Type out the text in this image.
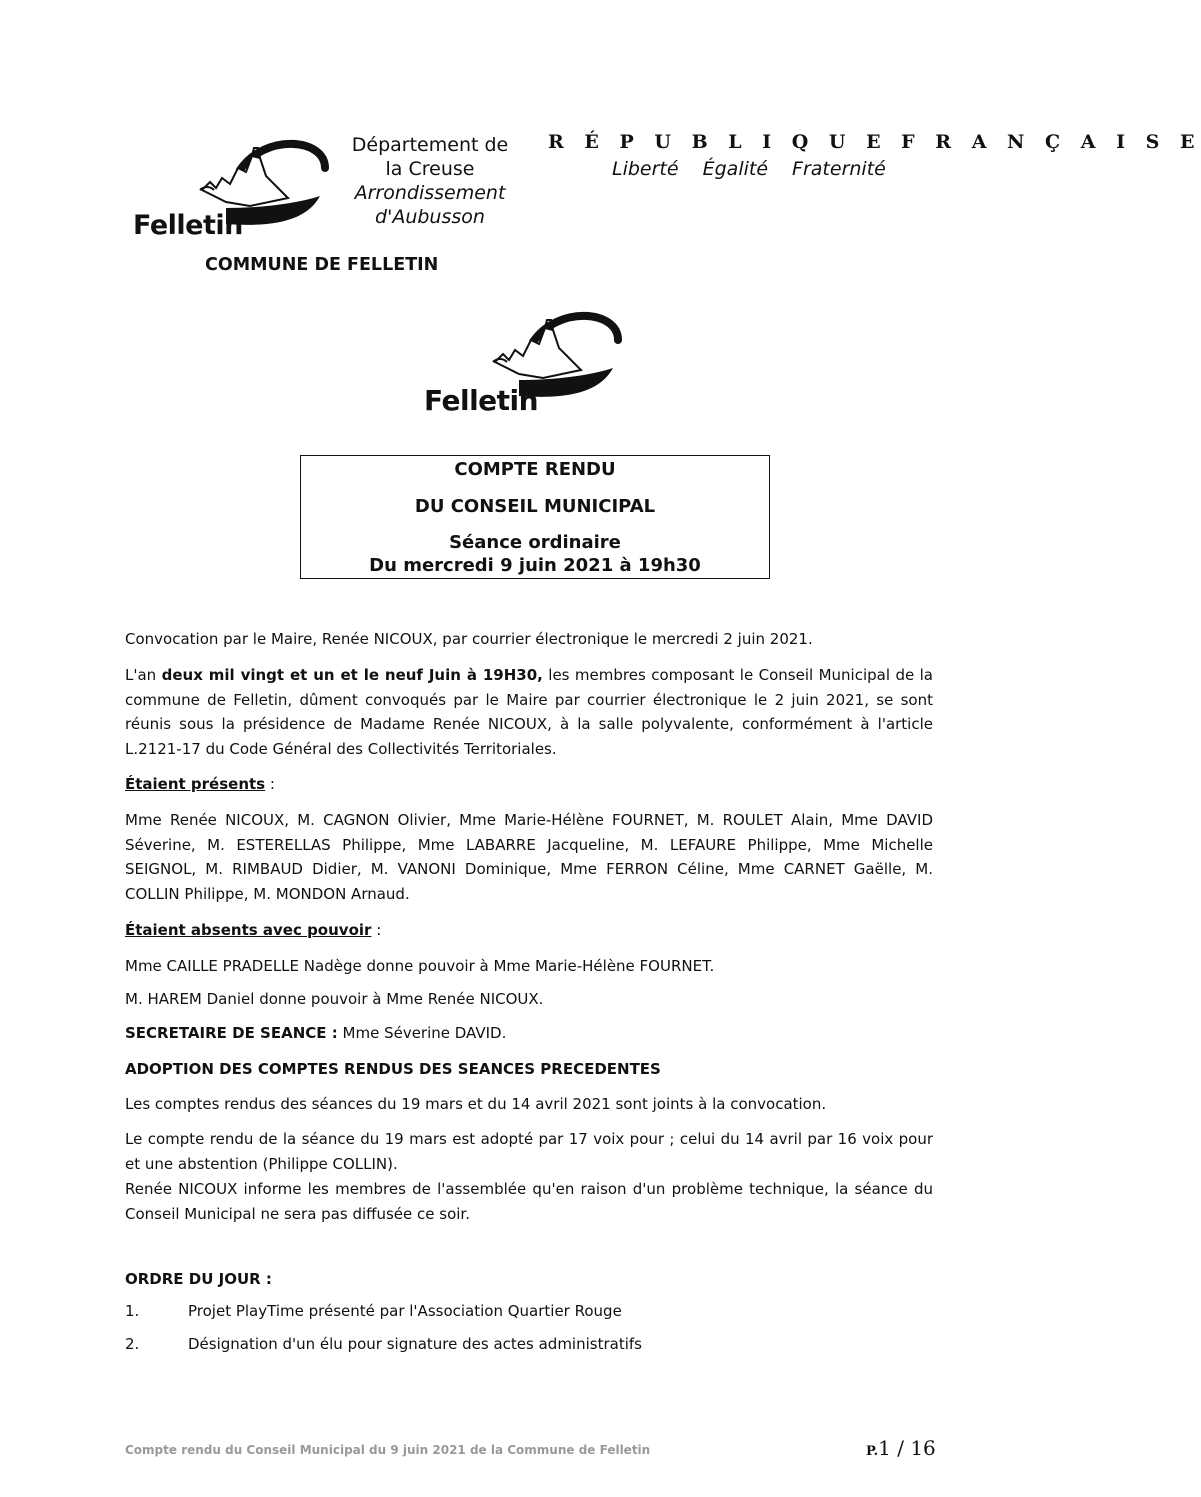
Felletin
Département de
la Creuse
Arrondissement
d'Aubusson
R É P U B L I Q U E F R A N Ç A I S E
Liberté Égalité Fraternité
COMMUNE DE FELLETIN
Felletin
COMPTE RENDU
DU CONSEIL MUNICIPAL
Séance ordinaire
Du mercredi 9 juin 2021 à 19h30
Convocation par le Maire, Renée NICOUX, par courrier électronique le mercredi 2 juin 2021.
L'an deux mil vingt et un et le neuf Juin à 19H30, les membres composant le Conseil Municipal de la commune de Felletin, dûment convoqués par le Maire par courrier électronique le 2 juin 2021, se sont réunis sous la présidence de Madame Renée NICOUX, à la salle polyvalente, conformément à l'article L.2121-17 du Code Général des Collectivités Territoriales.
Étaient présents :
Mme Renée NICOUX, M. CAGNON Olivier, Mme Marie-Hélène FOURNET, M. ROULET Alain, Mme DAVID Séverine, M. ESTERELLAS Philippe, Mme LABARRE Jacqueline, M. LEFAURE Philippe, Mme Michelle SEIGNOL, M. RIMBAUD Didier, M. VANONI Dominique, Mme FERRON Céline, Mme CARNET Gaëlle, M. COLLIN Philippe, M. MONDON Arnaud.
Étaient absents avec pouvoir :
Mme CAILLE PRADELLE Nadège donne pouvoir à Mme Marie-Hélène FOURNET.
M. HAREM Daniel donne pouvoir à Mme Renée NICOUX.
SECRETAIRE DE SEANCE : Mme Séverine DAVID.
ADOPTION DES COMPTES RENDUS DES SEANCES PRECEDENTES
Les comptes rendus des séances du 19 mars et du 14 avril 2021 sont joints à la convocation.
Le compte rendu de la séance du 19 mars est adopté par 17 voix pour ; celui du 14 avril par 16 voix pour et une abstention (Philippe COLLIN).
Renée NICOUX informe les membres de l'assemblée qu'en raison d'un problème technique, la séance du Conseil Municipal ne sera pas diffusée ce soir.
ORDRE DU JOUR :
1.	Projet PlayTime présenté par l'Association Quartier Rouge
2.	Désignation d'un élu pour signature des actes administratifs
Compte rendu du Conseil Municipal du 9 juin 2021 de la Commune de Felletin	P.1 / 16
